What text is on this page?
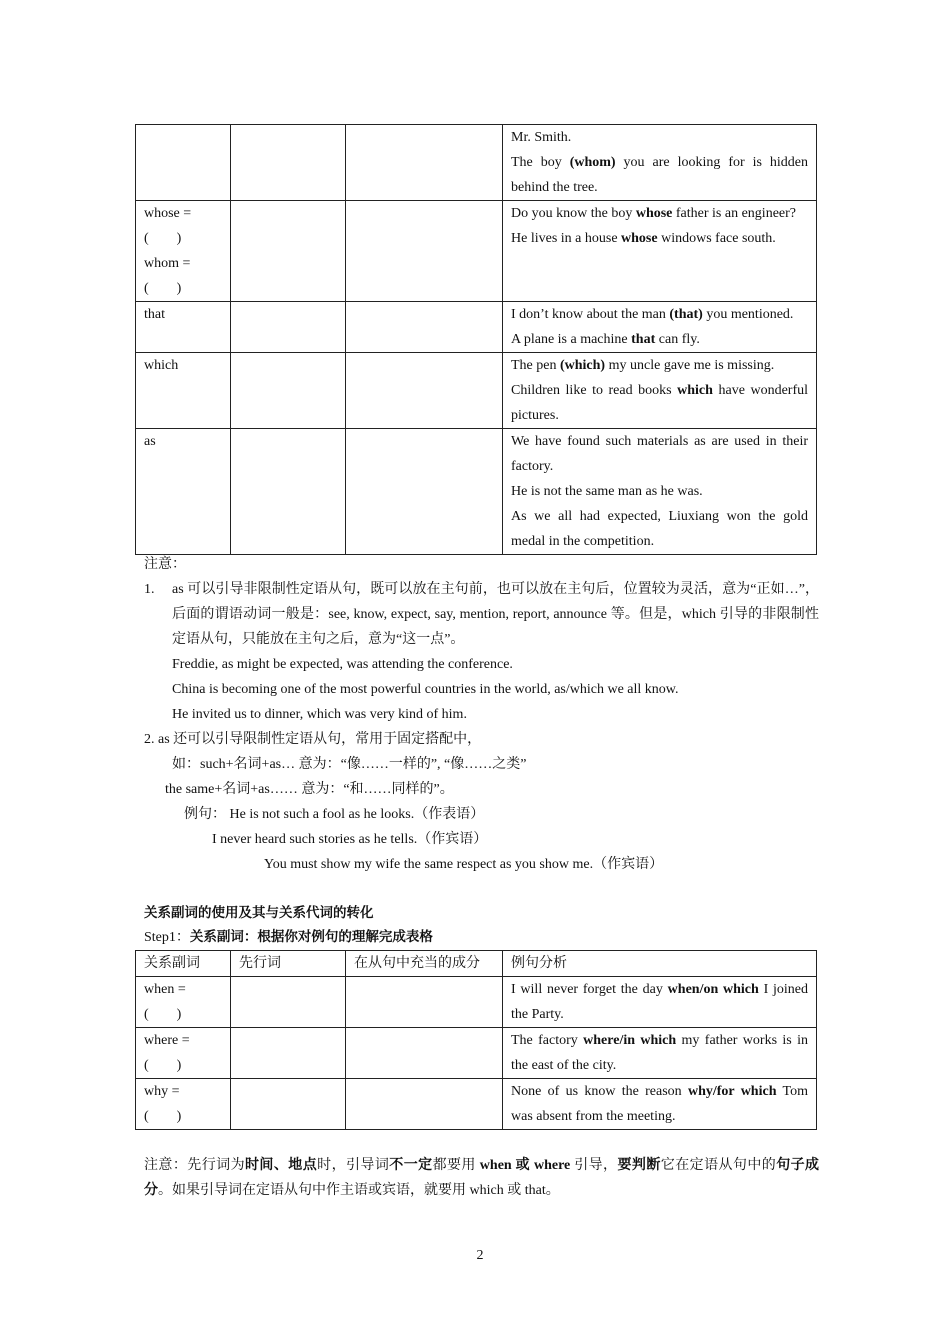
			Mr. Smith.
The boy (whom) you are looking for is hidden behind the tree.

whose =
(        )
whom =
(        )			Do you know the boy whose father is an engineer?
He lives in a house whose windows face south.

that			I don’t know about the man (that) you mentioned.
A plane is a machine that can fly.

which			The pen (which) my uncle gave me is missing.
Children like to read books which have wonderful pictures.

as			We have found such materials as are used in their factory.
He is not the same man as he was.
As we all had expected, Liuxiang won the gold medal in the competition.
注意：
1. as 可以引导非限制性定语从句，既可以放在主句前，也可以放在主句后，位置较为灵活，意为“正如…”，后面的谓语动词一般是：see, know, expect, say, mention, report, announce 等。但是，which 引导的非限制性定语从句，只能放在主句之后，意为“这一点”。
Freddie, as might be expected, was attending the conference.
China is becoming one of the most powerful countries in the world, as/which we all know.
He invited us to dinner, which was very kind of him.
2. as 还可以引导限制性定语从句，常用于固定搭配中，
如：such+名词+as… 意为：“像……一样的”, “像……之类”
the same+名词+as…… 意为：“和……同样的”。
例句： He is not such a fool as he looks.（作表语）
I never heard such stories as he tells.（作宾语）
You must show my wife the same respect as you show me.（作宾语）
关系副词的使用及其与关系代词的转化
Step1：关系副词：根据你对例句的理解完成表格
关系副词	先行词	在从句中充当的成分	例句分析

when =
(        )			I will never forget the day when/on which I joined the Party.

where =
(        )			The factory where/in which my father works is in the east of the city.

why =
(        )			None of us know the reason why/for which Tom was absent from the meeting.
注意：先行词为时间、地点时，引导词不一定都要用 when 或 where 引导，要判断它在定语从句中的句子成分。如果引导词在定语从句中作主语或宾语，就要用 which 或 that。
2
